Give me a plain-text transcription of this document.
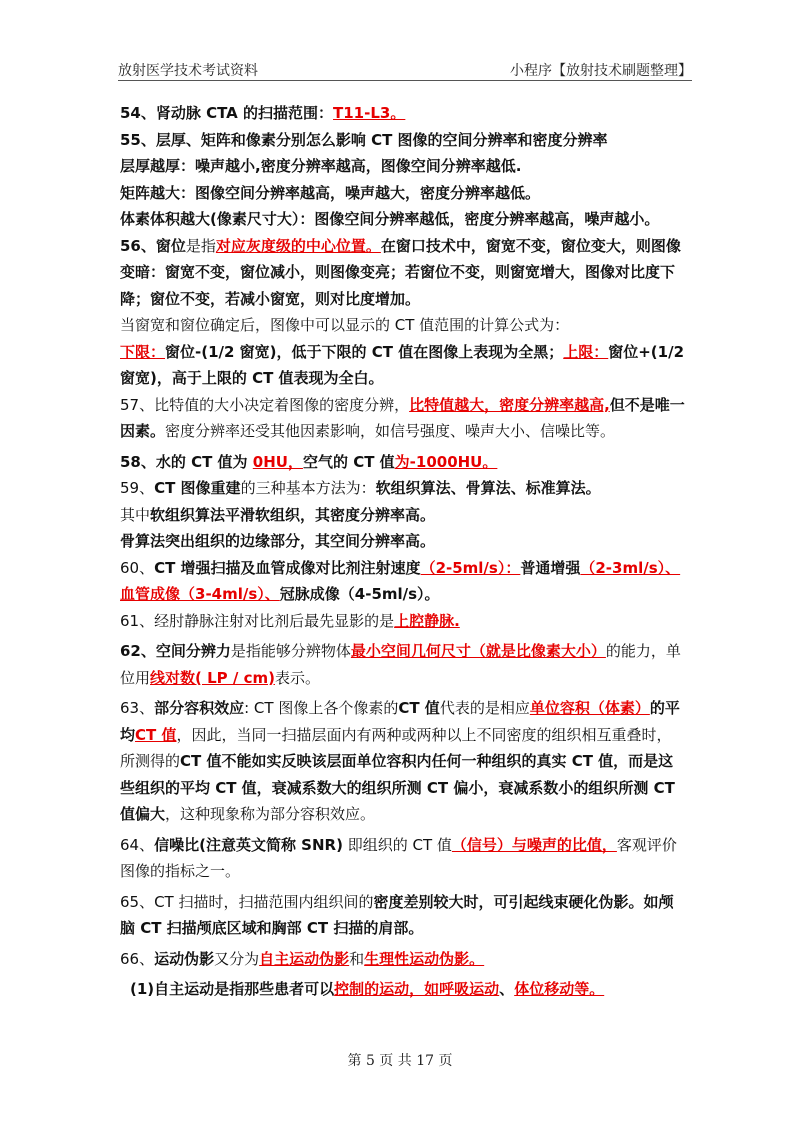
放射医学技术考试资料	小程序【放射技术刷题整理】

54、肾动脉 CTA 的扫描范围：T11-L3。

55、层厚、矩阵和像素分别怎么影响 CT 图像的空间分辨率和密度分辨率

层厚越厚：噪声越小,密度分辨率越高，图像空间分辨率越低.

矩阵越大：图像空间分辨率越高，噪声越大，密度分辨率越低。

体素体积越大(像素尺寸大）：图像空间分辨率越低，密度分辨率越高，噪声越小。

56、窗位是指对应灰度级的中心位置。在窗口技术中，窗宽不变，窗位变大，则图像变暗：窗宽不变，窗位减小，则图像变亮；若窗位不变，则窗宽增大，图像对比度下降；窗位不变，若减小窗宽，则对比度增加。

当窗宽和窗位确定后，图像中可以显示的 CT 值范围的计算公式为：

下限：窗位-(1/2 窗宽)，低于下限的 CT 值在图像上表现为全黑；上限：窗位+(1/2 窗宽)，高于上限的 CT 值表现为全白。

57、比特值的大小决定着图像的密度分辨，比特值越大，密度分辨率越高,但不是唯一因素。密度分辨率还受其他因素影响，如信号强度、噪声大小、信噪比等。

58、水的 CT 值为 0HU，空气的 CT 值为-1000HU。

59、CT 图像重建的三种基本方法为：软组织算法、骨算法、标准算法。

其中软组织算法平滑软组织，其密度分辨率高。

骨算法突出组织的边缘部分，其空间分辨率高。

60、CT 增强扫描及血管成像对比剂注射速度（2-5ml/s）：普通增强（2-3ml/s）、血管成像（3-4ml/s）、冠脉成像（4-5ml/s）。

61、经肘静脉注射对比剂后最先显影的是上腔静脉.

62、空间分辨力是指能够分辨物体最小空间几何尺寸（就是比像素大小）的能力，单位用线对数( LP / cm)表示。

63、部分容积效应: CT 图像上各个像素的CT 值代表的是相应单位容积（体素）的平均CT 值，因此，当同一扫描层面内有两种或两种以上不同密度的组织相互重叠时，所测得的CT 值不能如实反映该层面单位容积内任何一种组织的真实 CT 值，而是这些组织的平均 CT 值，衰减系数大的组织所测 CT 偏小，衰减系数小的组织所测 CT 值偏大，这种现象称为部分容积效应。

64、信噪比(注意英文简称 SNR) 即组织的 CT 值（信号）与噪声的比值，客观评价图像的指标之一。

65、CT 扫描时，扫描范围内组织间的密度差别较大时，可引起线束硬化伪影。如颅脑 CT 扫描颅底区域和胸部 CT 扫描的肩部。

66、运动伪影又分为自主运动伪影和生理性运动伪影。

(1)自主运动是指那些患者可以控制的运动，如呼吸运动、体位移动等。

第 5 页 共 17 页
